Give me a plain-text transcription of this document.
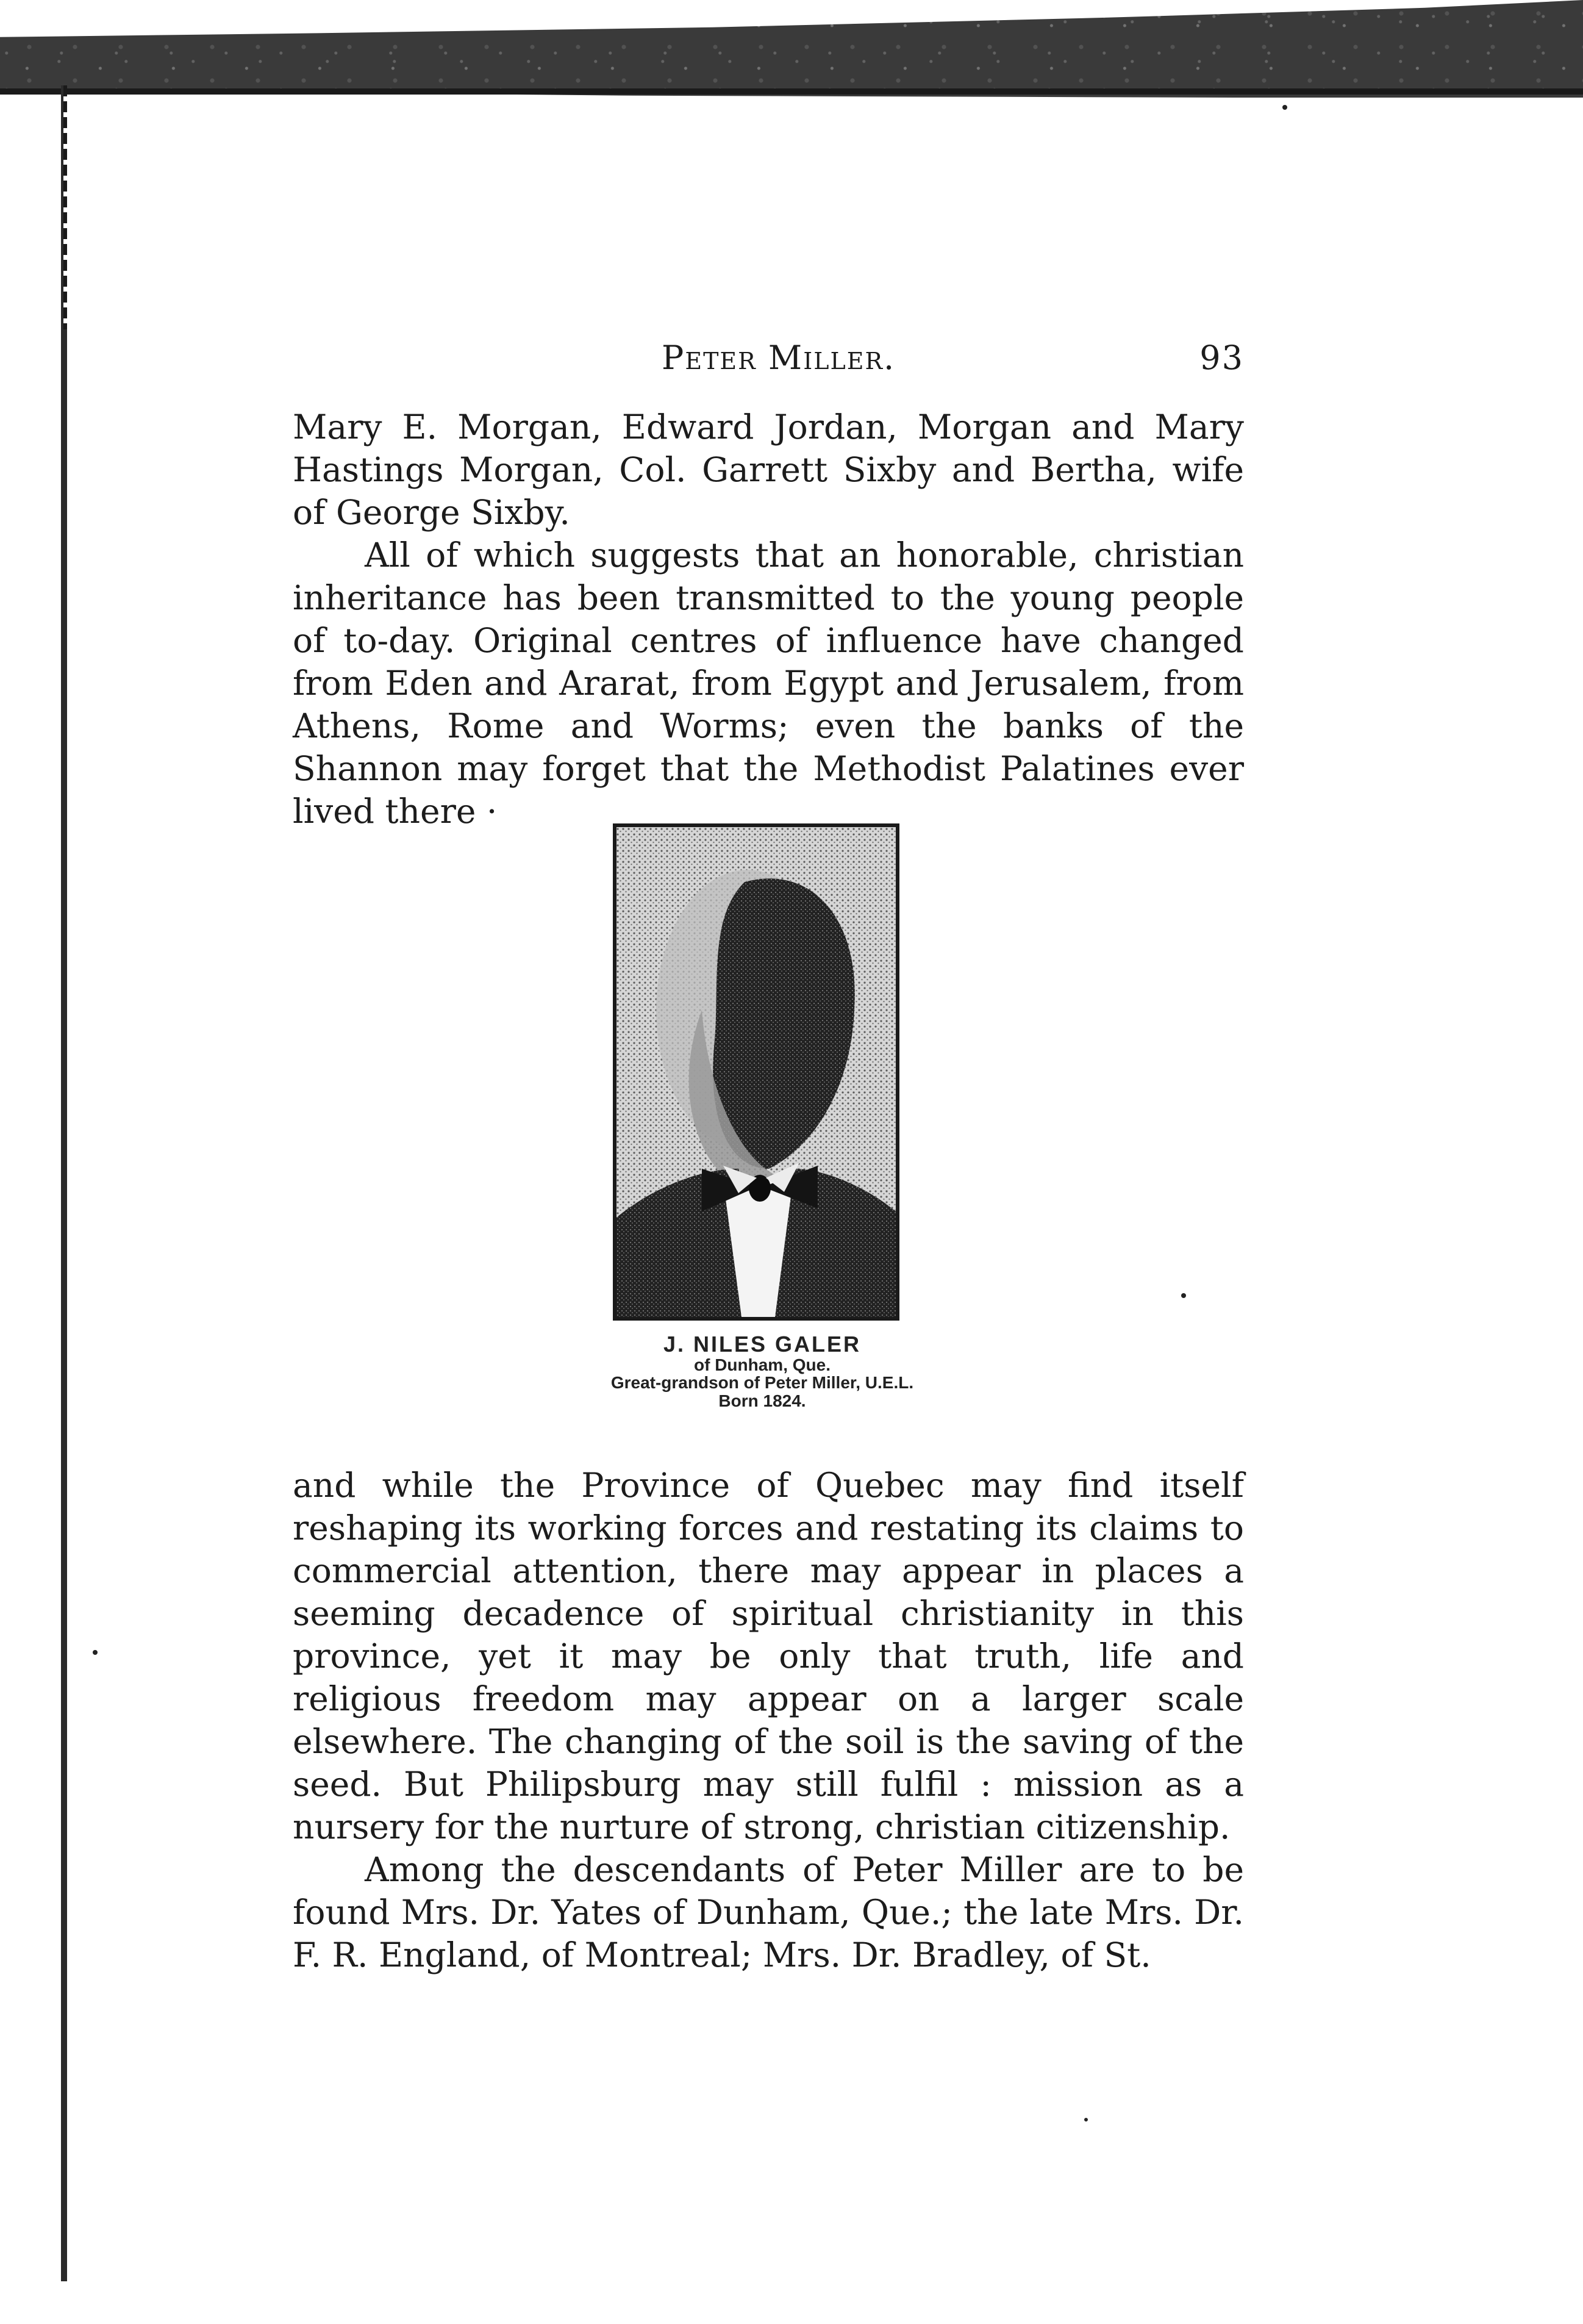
Peter Miller.	93

Mary E. Morgan, Edward Jordan, Morgan and Mary Hastings Morgan, Col. Garrett Sixby and Bertha, wife of George Sixby.

All of which suggests that an honorable, christian inheritance has been transmitted to the young people of to-day. Original centres of influence have changed from Eden and Ararat, from Egypt and Jerusalem, from Athens, Rome and Worms; even the banks of the Shannon may forget that the Methodist Palatines ever lived there ·

J. NILES GALER
of Dunham, Que.
Great-grandson of Peter Miller, U.E.L.
Born 1824.

and while the Province of Quebec may find itself reshaping its working forces and restating its claims to commercial attention, there may appear in places a seeming decadence of spiritual christianity in this province, yet it may be only that truth, life and religious freedom may appear on a larger scale elsewhere. The changing of the soil is the saving of the seed. But Philipsburg may still fulfil : mission as a nursery for the nurture of strong, christian citizenship.

Among the descendants of Peter Miller are to be found Mrs. Dr. Yates of Dunham, Que.; the late Mrs. Dr. F. R. England, of Montreal; Mrs. Dr. Bradley, of St.
